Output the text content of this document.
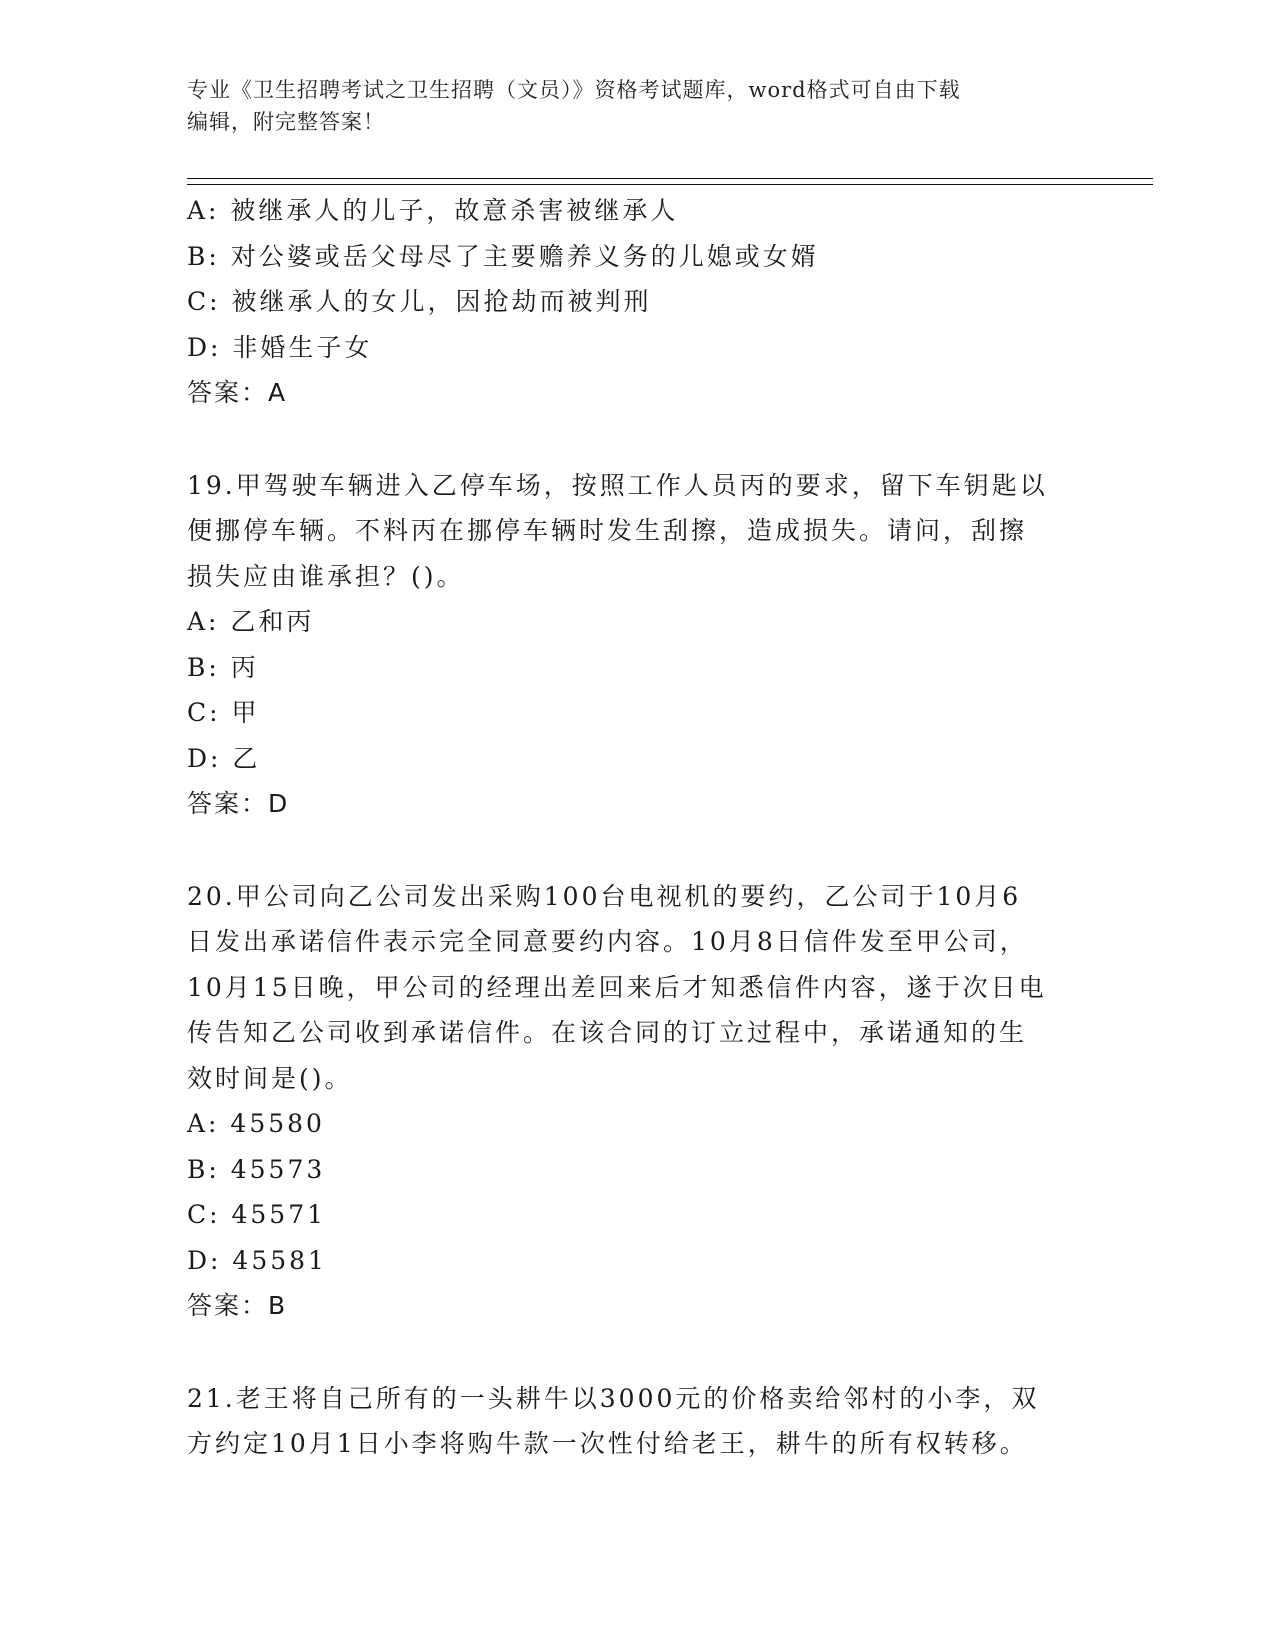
专业《卫生招聘考试之卫生招聘（文员）》资格考试题库，word格式可自由下载
编辑，附完整答案！
A: 被继承人的儿子，故意杀害被继承人
B: 对公婆或岳父母尽了主要赡养义务的儿媳或女婿
C: 被继承人的女儿，因抢劫而被判刑
D: 非婚生子女
答案：A
19.甲驾驶车辆进入乙停车场，按照工作人员丙的要求，留下车钥匙以
便挪停车辆。不料丙在挪停车辆时发生刮擦，造成损失。请问，刮擦
损失应由谁承担？()。
A: 乙和丙
B: 丙
C: 甲
D: 乙
答案：D
20.甲公司向乙公司发出采购100台电视机的要约，乙公司于10月6
日发出承诺信件表示完全同意要约内容。10月8日信件发至甲公司，
10月15日晚，甲公司的经理出差回来后才知悉信件内容，遂于次日电
传告知乙公司收到承诺信件。在该合同的订立过程中，承诺通知的生
效时间是()。
A: 45580
B: 45573
C: 45571
D: 45581
答案：B
21.老王将自己所有的一头耕牛以3000元的价格卖给邻村的小李，双
方约定10月1日小李将购牛款一次性付给老王，耕牛的所有权转移。
